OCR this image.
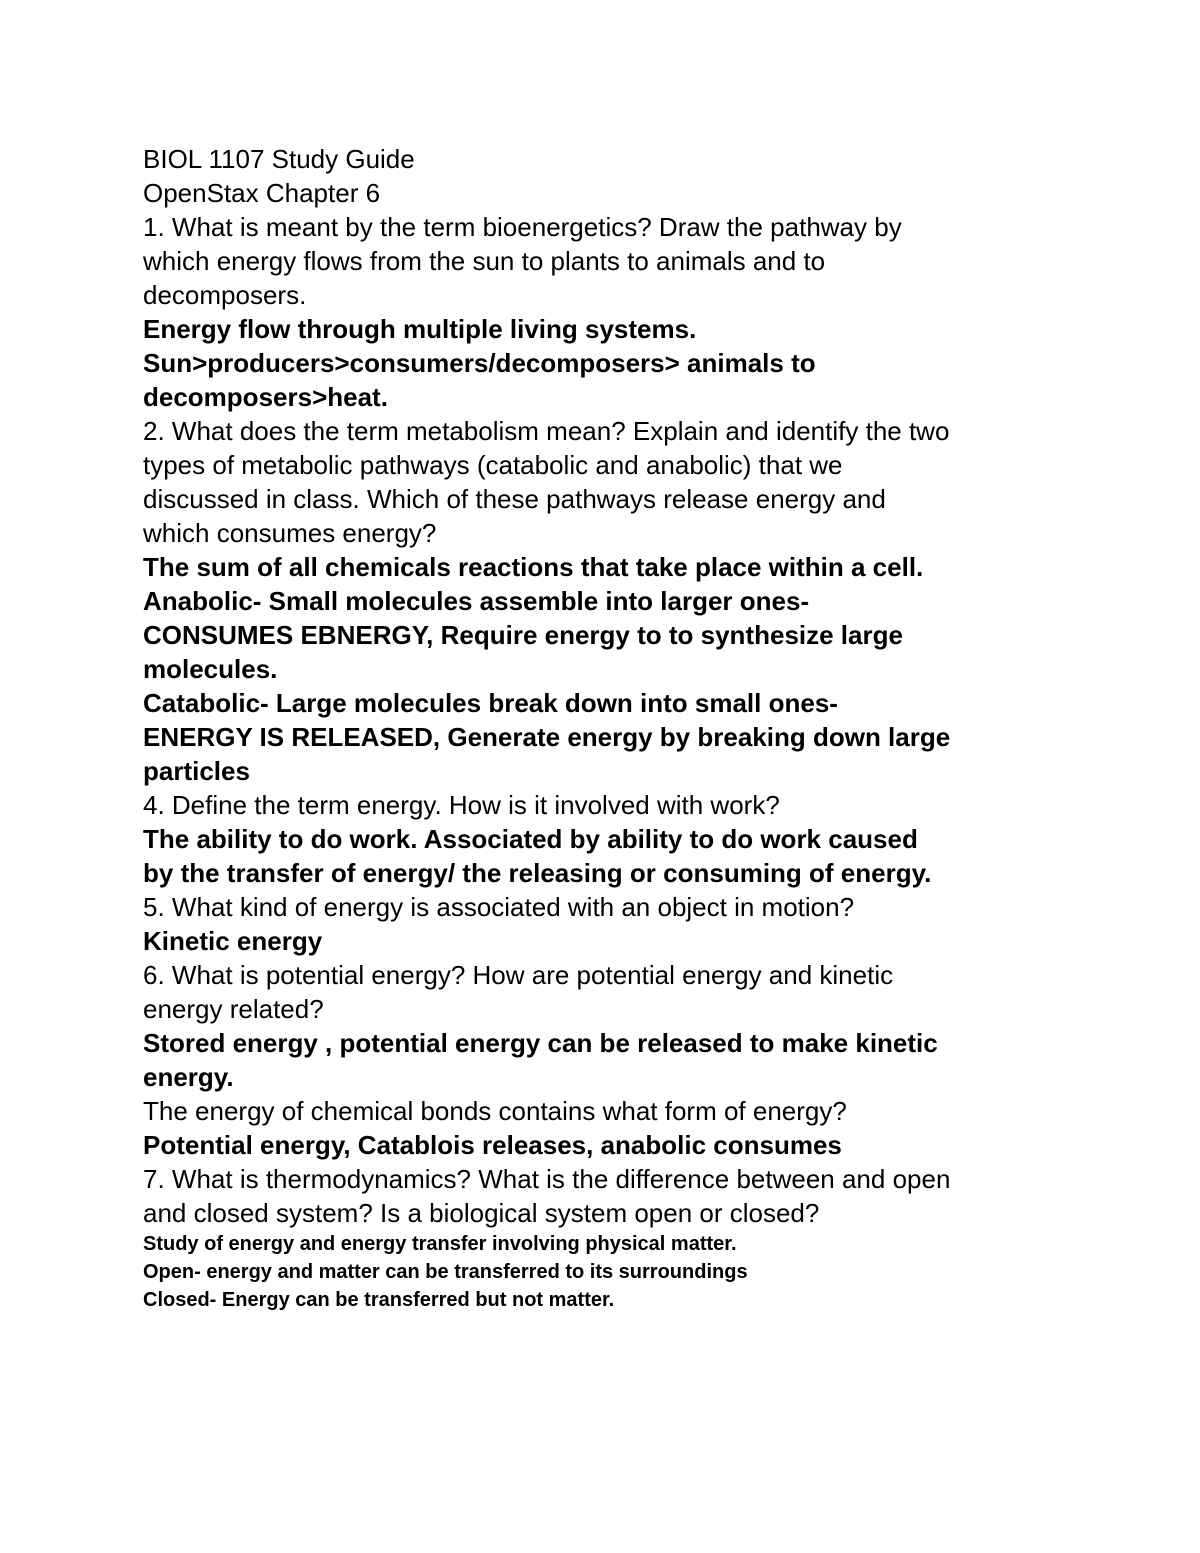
BIOL 1107 Study Guide
OpenStax Chapter 6
1. What is meant by the term bioenergetics? Draw the pathway by
which energy flows from the sun to plants to animals and to
decomposers.
Energy flow through multiple living systems.
Sun>producers>consumers/decomposers> animals to
decomposers>heat.
2. What does the term metabolism mean? Explain and identify the two
types of metabolic pathways (catabolic and anabolic) that we
discussed in class. Which of these pathways release energy and
which consumes energy?
The sum of all chemicals reactions that take place within a cell.
Anabolic- Small molecules assemble into larger ones-
CONSUMES EBNERGY, Require energy to to synthesize large
molecules.
Catabolic- Large molecules break down into small ones-
ENERGY IS RELEASED, Generate energy by breaking down large
particles
4. Define the term energy. How is it involved with work?
The ability to do work. Associated by ability to do work caused
by the transfer of energy/ the releasing or consuming of energy.
5. What kind of energy is associated with an object in motion?
Kinetic energy
6. What is potential energy? How are potential energy and kinetic
energy related?
Stored energy , potential energy can be released to make kinetic
energy.
The energy of chemical bonds contains what form of energy?
Potential energy, Catablois releases, anabolic consumes
7. What is thermodynamics? What is the difference between and open
and closed system? Is a biological system open or closed?
Study of energy and energy transfer involving physical matter.
Open- energy and matter can be transferred to its surroundings
Closed- Energy can be transferred but not matter.
